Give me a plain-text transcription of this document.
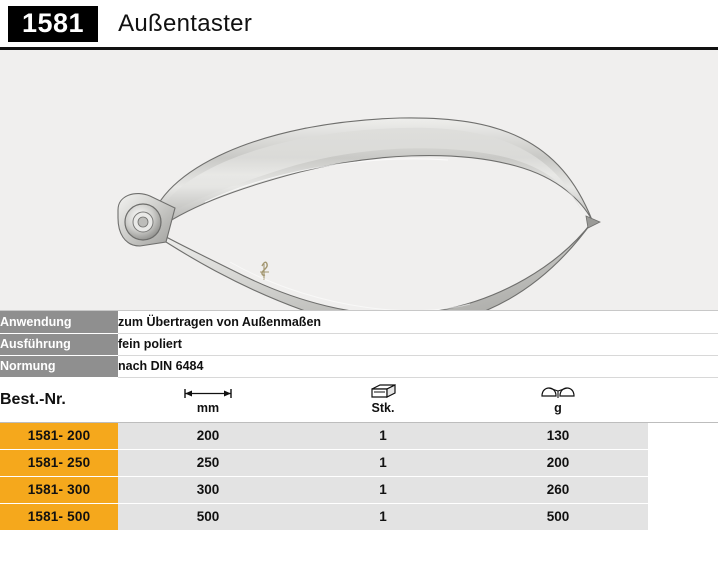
1581	Außentaster
Anwendung	zum Übertragen von Außenmaßen
Ausführung	fein poliert
Normung	nach DIN 6484
Best.-Nr.	mm	Stk.	g	

1581- 200	200	1	130	
1581- 250	250	1	200	
1581- 300	300	1	260	
1581- 500	500	1	500	
